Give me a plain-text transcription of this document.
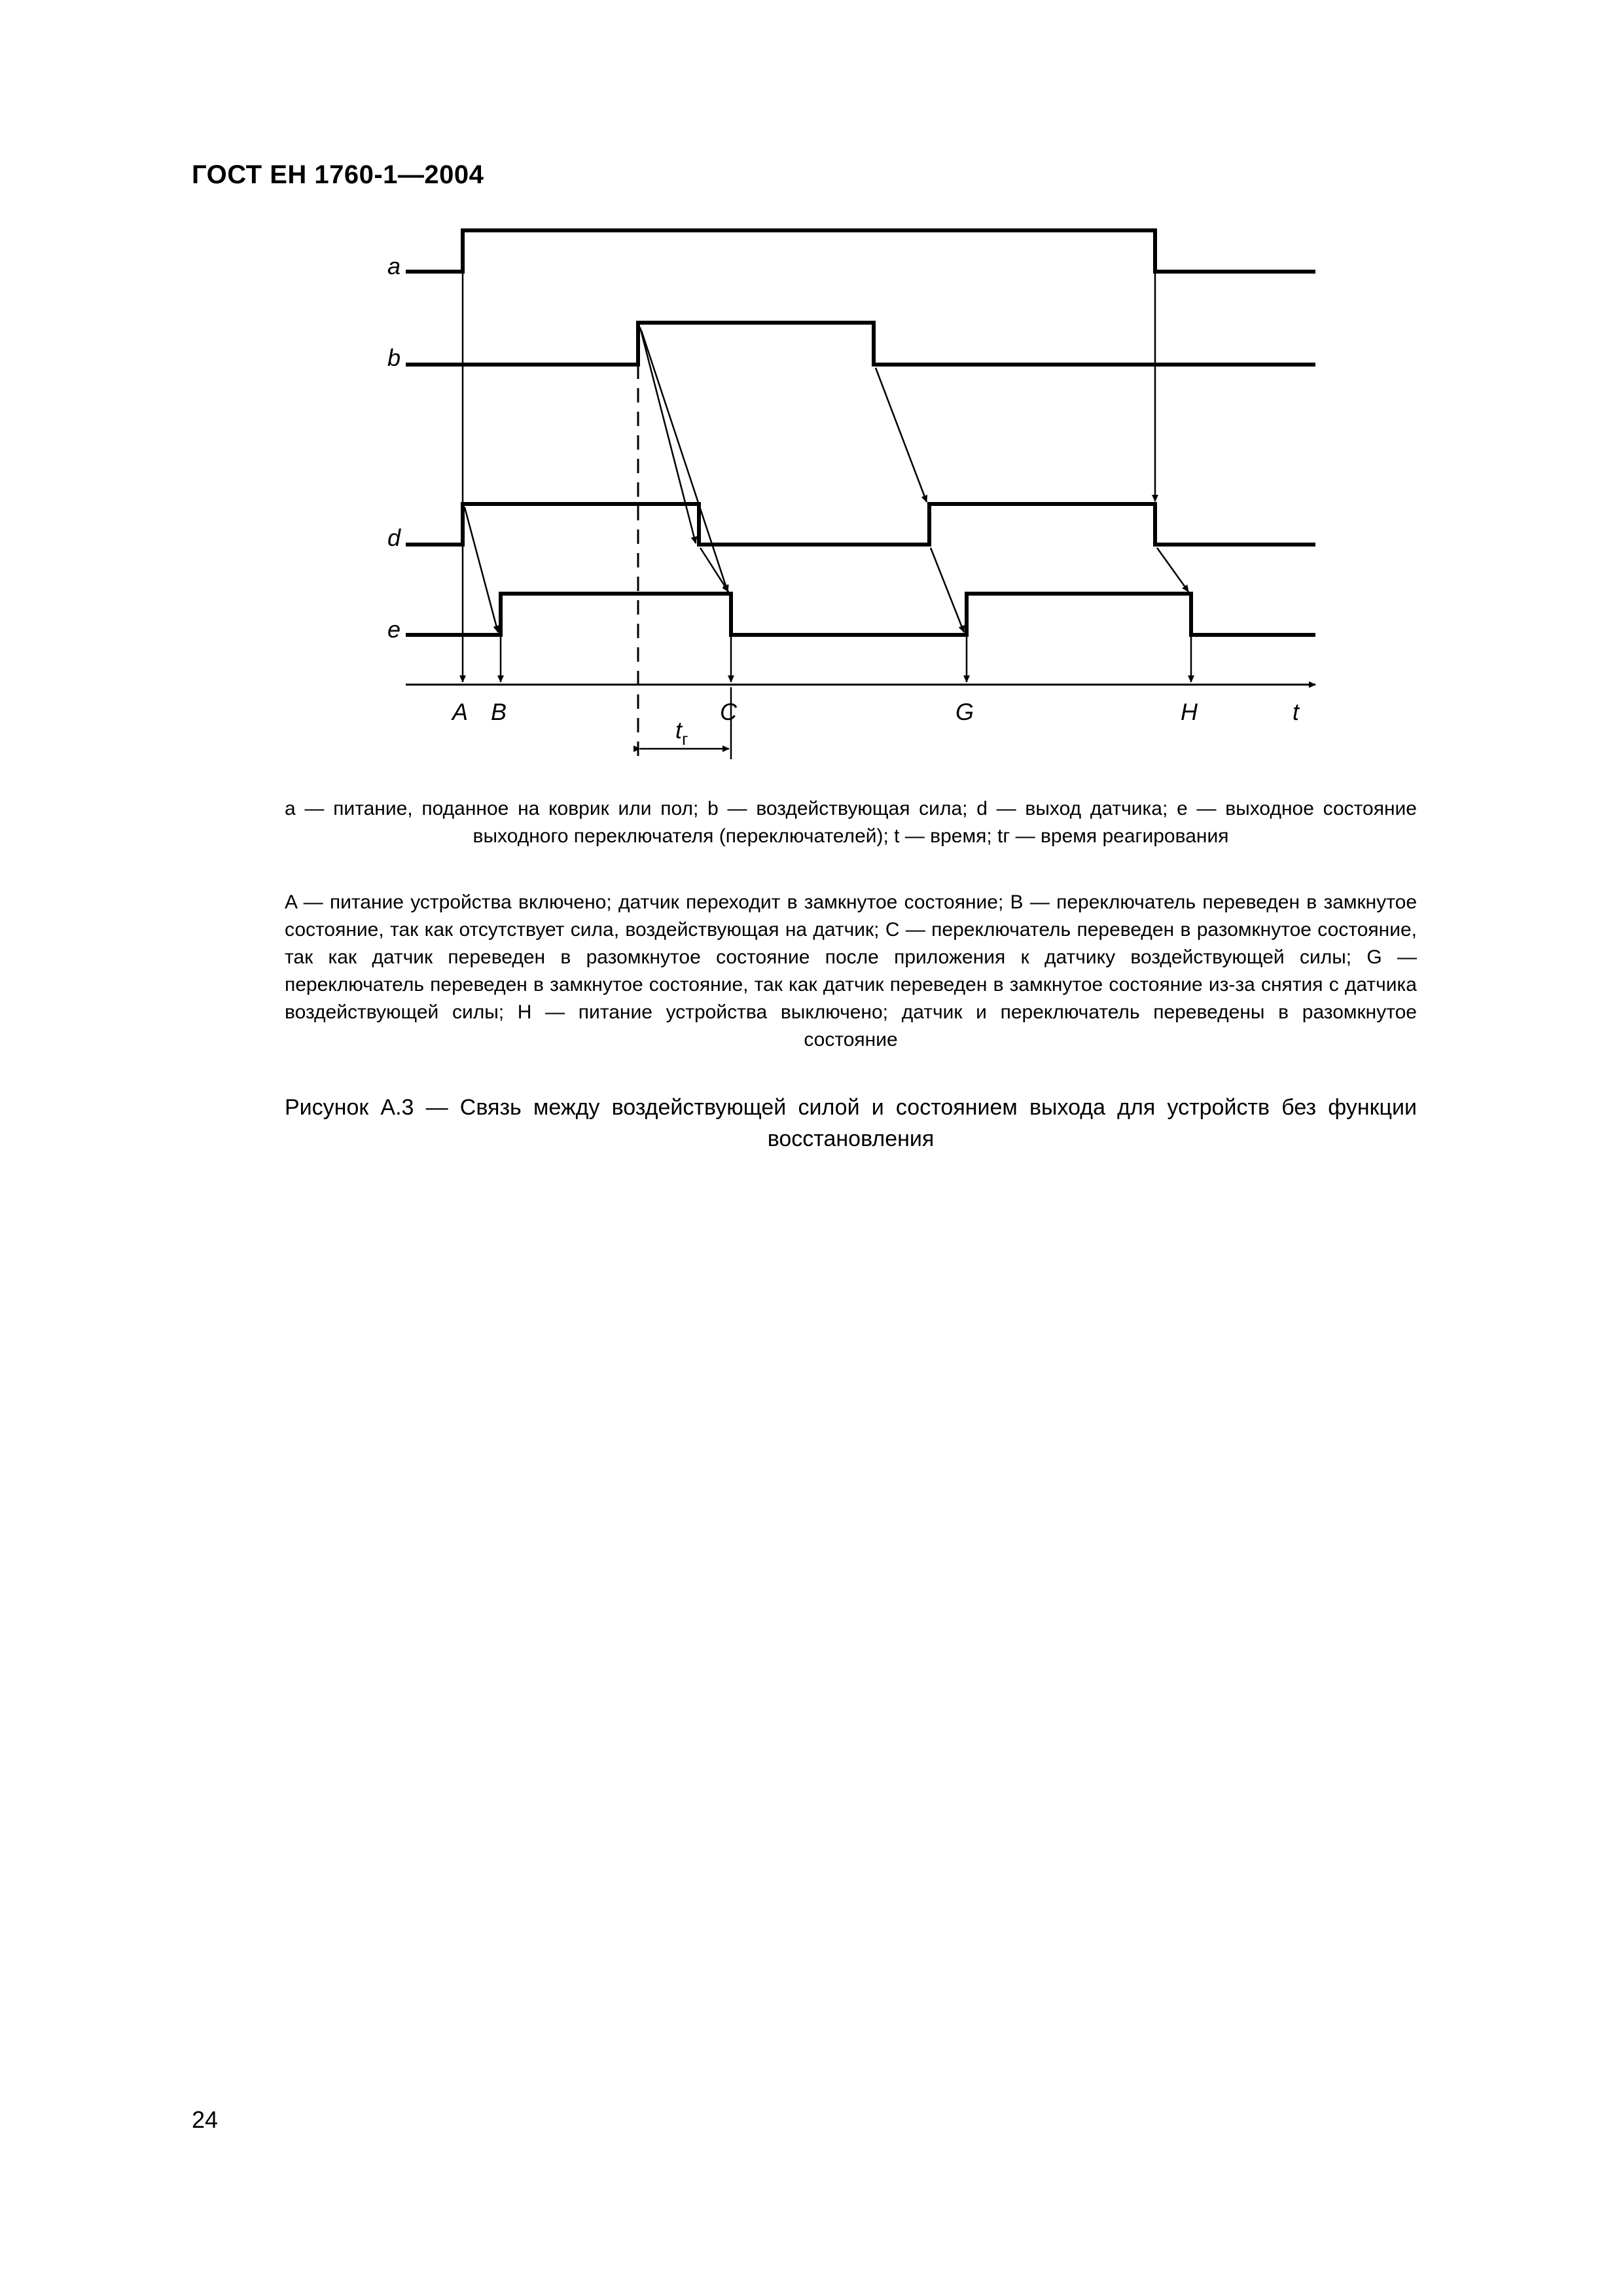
ГОСТ ЕН 1760-1—2004
a
b
d
e
A B	C	G	H	t
$t_г$
a — питание, поданное на коврик или пол; b — воздействующая сила; d — выход датчика; e — выходное состояние выходного переключателя (переключателей); t — время; tг — время реагирования
A — питание устройства включено; датчик переходит в замкнутое состояние; B — переключатель переведен в замкнутое состояние, так как отсутствует сила, воздействующая на датчик; C — переключатель переведен в разомкнутое состояние, так как датчик переведен в разомкнутое состояние после приложения к датчику воздействующей силы; G — переключатель переведен в замкнутое состояние, так как датчик переведен в замкнутое состояние из-за снятия с датчика воздействующей силы; H — питание устройства выключено; датчик и переключатель переведены в разомкнутое состояние
Рисунок А.3 — Связь между воздействующей силой и состоянием выхода для устройств без функции восстановления
24
